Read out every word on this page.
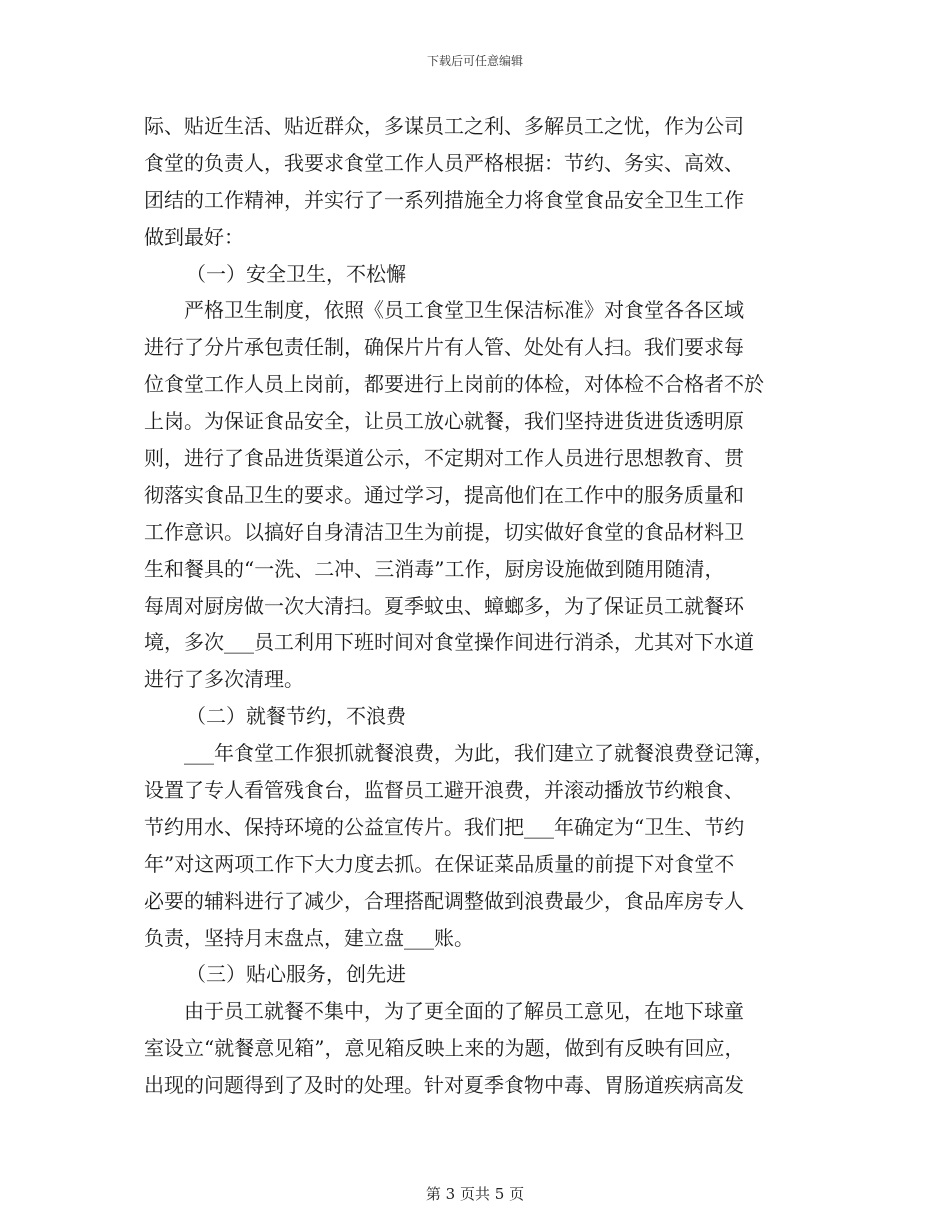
下载后可任意编辑
际、贴近生活、贴近群众，多谋员工之利、多解员工之忧，作为公司
食堂的负责人，我要求食堂工作人员严格根据：节约、务实、高效、
团结的工作精神，并实行了一系列措施全力将食堂食品安全卫生工作
做到最好：
（一）安全卫生，不松懈
严格卫生制度，依照《员工食堂卫生保洁标准》对食堂各各区域
进行了分片承包责任制，确保片片有人管、处处有人扫。我们要求每
位食堂工作人员上岗前，都要进行上岗前的体检，对体检不合格者不於
上岗。为保证食品安全，让员工放心就餐，我们坚持进货进货透明原
则，进行了食品进货渠道公示，不定期对工作人员进行思想教育、贯
彻落实食品卫生的要求。通过学习，提高他们在工作中的服务质量和
工作意识。以搞好自身清洁卫生为前提，切实做好食堂的食品材料卫
生和餐具的“一洗、二冲、三消毒”工作，厨房设施做到随用随清，
每周对厨房做一次大清扫。夏季蚊虫、蟑螂多，为了保证员工就餐环
境，多次___员工利用下班时间对食堂操作间进行消杀，尤其对下水道
进行了多次清理。
（二）就餐节约，不浪费
___年食堂工作狠抓就餐浪费，为此，我们建立了就餐浪费登记簿，
设置了专人看管残食台，监督员工避开浪费，并滚动播放节约粮食、
节约用水、保持环境的公益宣传片。我们把___年确定为“卫生、节约
年”对这两项工作下大力度去抓。在保证菜品质量的前提下对食堂不
必要的辅料进行了减少，合理搭配调整做到浪费最少，食品库房专人
负责，坚持月末盘点，建立盘___账。
（三）贴心服务，创先进
由于员工就餐不集中，为了更全面的了解员工意见，在地下球童
室设立“就餐意见箱”，意见箱反映上来的为题，做到有反映有回应，
出现的问题得到了及时的处理。针对夏季食物中毒、胃肠道疾病高发
第 3 页共 5 页
